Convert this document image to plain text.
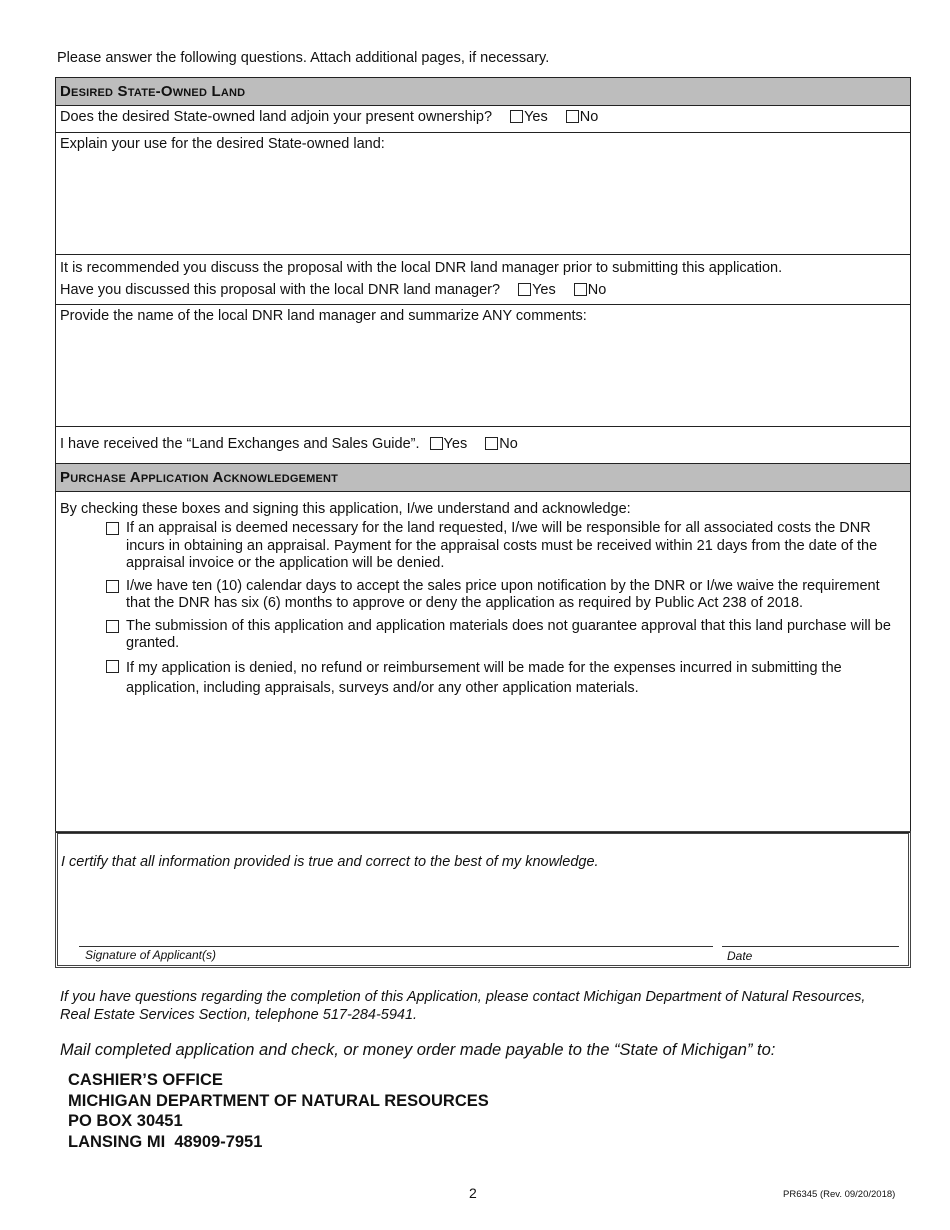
Please answer the following questions. Attach additional pages, if necessary.
Desired State-Owned Land
Does the desired State-owned land adjoin your present ownership? Yes No
Explain your use for the desired State-owned land:
It is recommended you discuss the proposal with the local DNR land manager prior to submitting this application.
Have you discussed this proposal with the local DNR land manager? Yes No
Provide the name of the local DNR land manager and summarize ANY comments:
I have received the “Land Exchanges and Sales Guide”. Yes No
Purchase Application Acknowledgement
By checking these boxes and signing this application, I/we understand and acknowledge:
If an appraisal is deemed necessary for the land requested, I/we will be responsible for all associated costs the DNR incurs in obtaining an appraisal. Payment for the appraisal costs must be received within 21 days from the date of the appraisal invoice or the application will be denied.
I/we have ten (10) calendar days to accept the sales price upon notification by the DNR or I/we waive the requirement that the DNR has six (6) months to approve or deny the application as required by Public Act 238 of 2018.
The submission of this application and application materials does not guarantee approval that this land purchase will be granted.
If my application is denied, no refund or reimbursement will be made for the expenses incurred in submitting the application, including appraisals, surveys and/or any other application materials.
I certify that all information provided is true and correct to the best of my knowledge.
Signature of Applicant(s)	Date
If you have questions regarding the completion of this Application, please contact Michigan Department of Natural Resources, Real Estate Services Section, telephone 517-284-5941.
Mail completed application and check, or money order made payable to the “State of Michigan” to:
CASHIER’S OFFICE
MICHIGAN DEPARTMENT OF NATURAL RESOURCES
PO BOX 30451
LANSING MI  48909-7951
2	PR6345 (Rev. 09/20/2018)
